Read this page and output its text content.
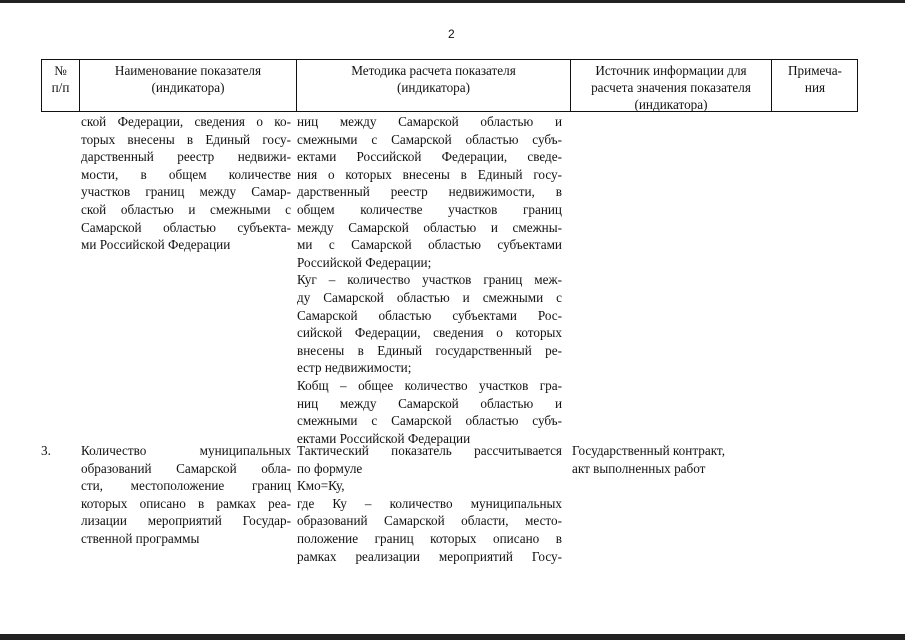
2
№
п/п
Наименование показателя
(индикатора)
Методика расчета показателя
(индикатора)
Источник информации для
расчета значения показателя
(индикатора)
Примеча-
ния
ской Федерации, сведения о ко-
торых внесены в Единый госу-
дарственный реестр недвижи-
мости, в общем количестве
участков границ между Самар-
ской областью и смежными с
Самарской областью субъекта-
ми Российской Федерации
ниц между Самарской областью и
смежными с Самарской областью субъ-
ектами Российской Федерации, сведе-
ния о которых внесены в Единый госу-
дарственный реестр недвижимости, в
общем количестве участков границ
между Самарской областью и смежны-
ми с Самарской областью субъектами
Российской Федерации;
Куг – количество участков границ меж-
ду Самарской областью и смежными с
Самарской областью субъектами Рос-
сийской Федерации, сведения о которых
внесены в Единый государственный ре-
естр недвижимости;
Кобщ – общее количество участков гра-
ниц между Самарской областью и
смежными с Самарской областью субъ-
ектами Российской Федерации
3.	Количество муниципальных
образований Самарской обла-
сти, местоположение границ
которых описано в рамках реа-
лизации мероприятий Государ-
ственной программы
Тактический показатель рассчитывается
по формуле
Кмо=Ку,
где Ку – количество муниципальных
образований Самарской области, место-
положение границ которых описано в
рамках реализации мероприятий Госу-
Государственный контракт,
акт выполненных работ
